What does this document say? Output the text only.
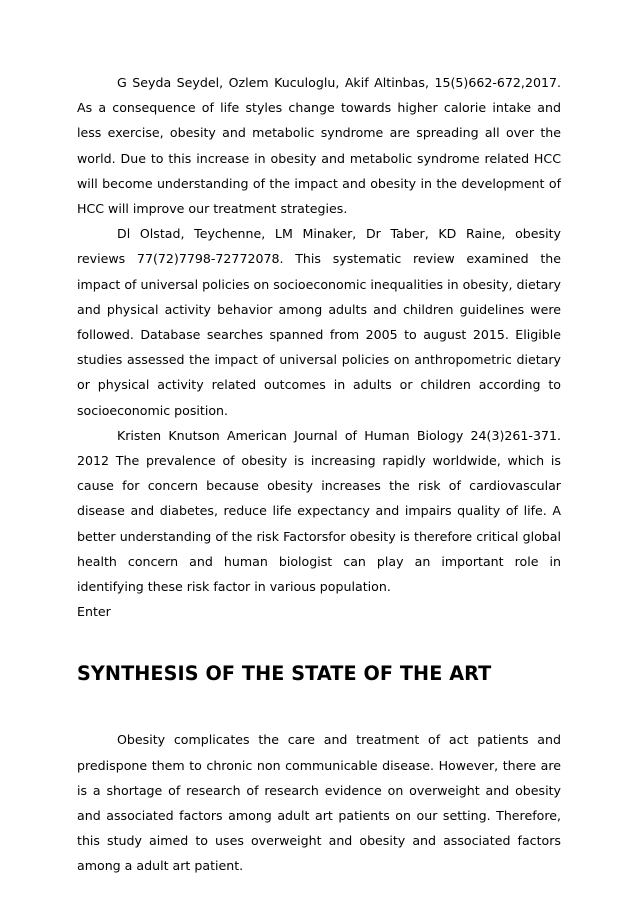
G Seyda Seydel, Ozlem Kuculoglu, Akif Altinbas, 15(5)662-672,2017. As a consequence of life styles change towards higher calorie intake and less exercise, obesity and metabolic syndrome are spreading all over the world. Due to this increase in obesity and metabolic syndrome related HCC will become understanding of the impact and obesity in the development of HCC will improve our treatment strategies.

Dl Olstad, Teychenne, LM Minaker, Dr Taber, KD Raine, obesity reviews 77(72)7798-72772078. This systematic review examined the impact of universal policies on socioeconomic inequalities in obesity, dietary and physical activity behavior among adults and children guidelines were followed. Database searches spanned from 2005 to august 2015. Eligible studies assessed the impact of universal policies on anthropometric dietary or physical activity related outcomes in adults or children according to socioeconomic position.

Kristen Knutson American Journal of Human Biology 24(3)261-371. 2012 The prevalence of obesity is increasing rapidly worldwide, which is cause for concern because obesity increases the risk of cardiovascular disease and diabetes, reduce life expectancy and impairs quality of life. A better understanding of the risk Factorsfor obesity is therefore critical global health concern and human biologist can play an important role in identifying these risk factor in various population.

Enter

SYNTHESIS OF THE STATE OF THE ART

Obesity complicates the care and treatment of act patients and predispone them to chronic non communicable disease. However, there are is a shortage of research of research evidence on overweight and obesity and associated factors among adult art patients on our setting. Therefore, this study aimed to uses overweight and obesity and associated factors among a adult art patient.
